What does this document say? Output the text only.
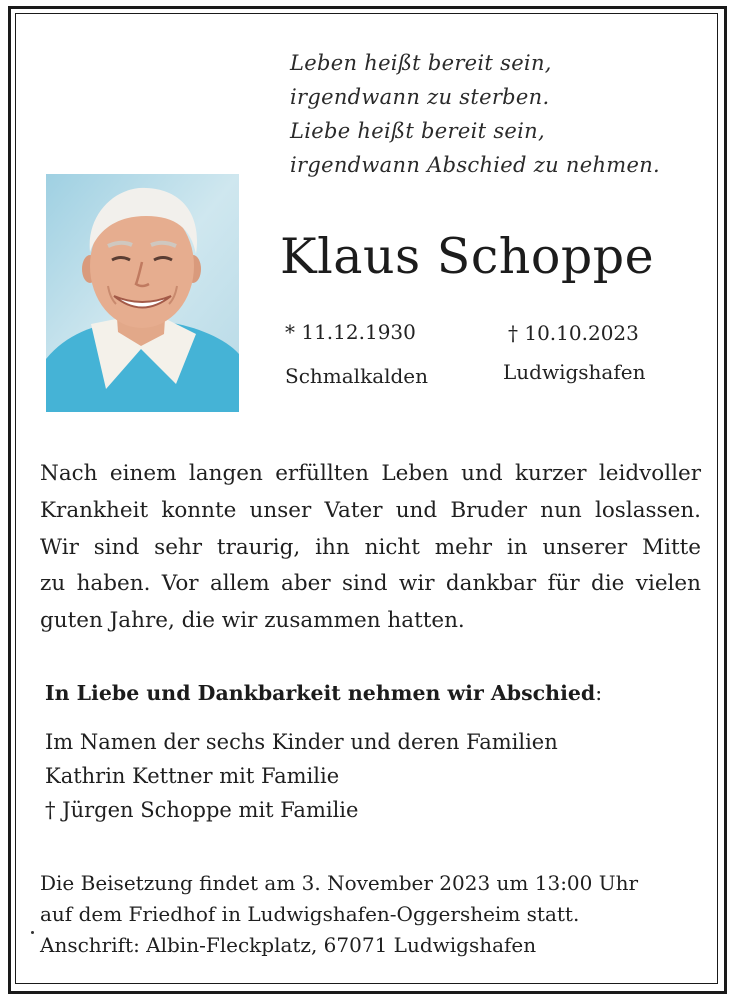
Leben heißt bereit sein,
irgendwann zu sterben.
Liebe heißt bereit sein,
irgendwann Abschied zu nehmen.
Klaus Schoppe
* 11.12.1930
Schmalkalden
† 10.10.2023
Ludwigshafen
Nach einem langen erfüllten Leben und kurzer leidvoller
Krankheit konnte unser Vater und Bruder nun loslassen.
Wir sind sehr traurig, ihn nicht mehr in unserer Mitte
zu haben. Vor allem aber sind wir dankbar für die vielen
guten Jahre, die wir zusammen hatten.
In Liebe und Dankbarkeit nehmen wir Abschied:
Im Namen der sechs Kinder und deren Familien
Kathrin Kettner mit Familie
† Jürgen Schoppe mit Familie
Die Beisetzung findet am 3. November 2023 um 13:00 Uhr
auf dem Friedhof in Ludwigshafen-Oggersheim statt.
Anschrift: Albin-Fleckplatz, 67071 Ludwigshafen
